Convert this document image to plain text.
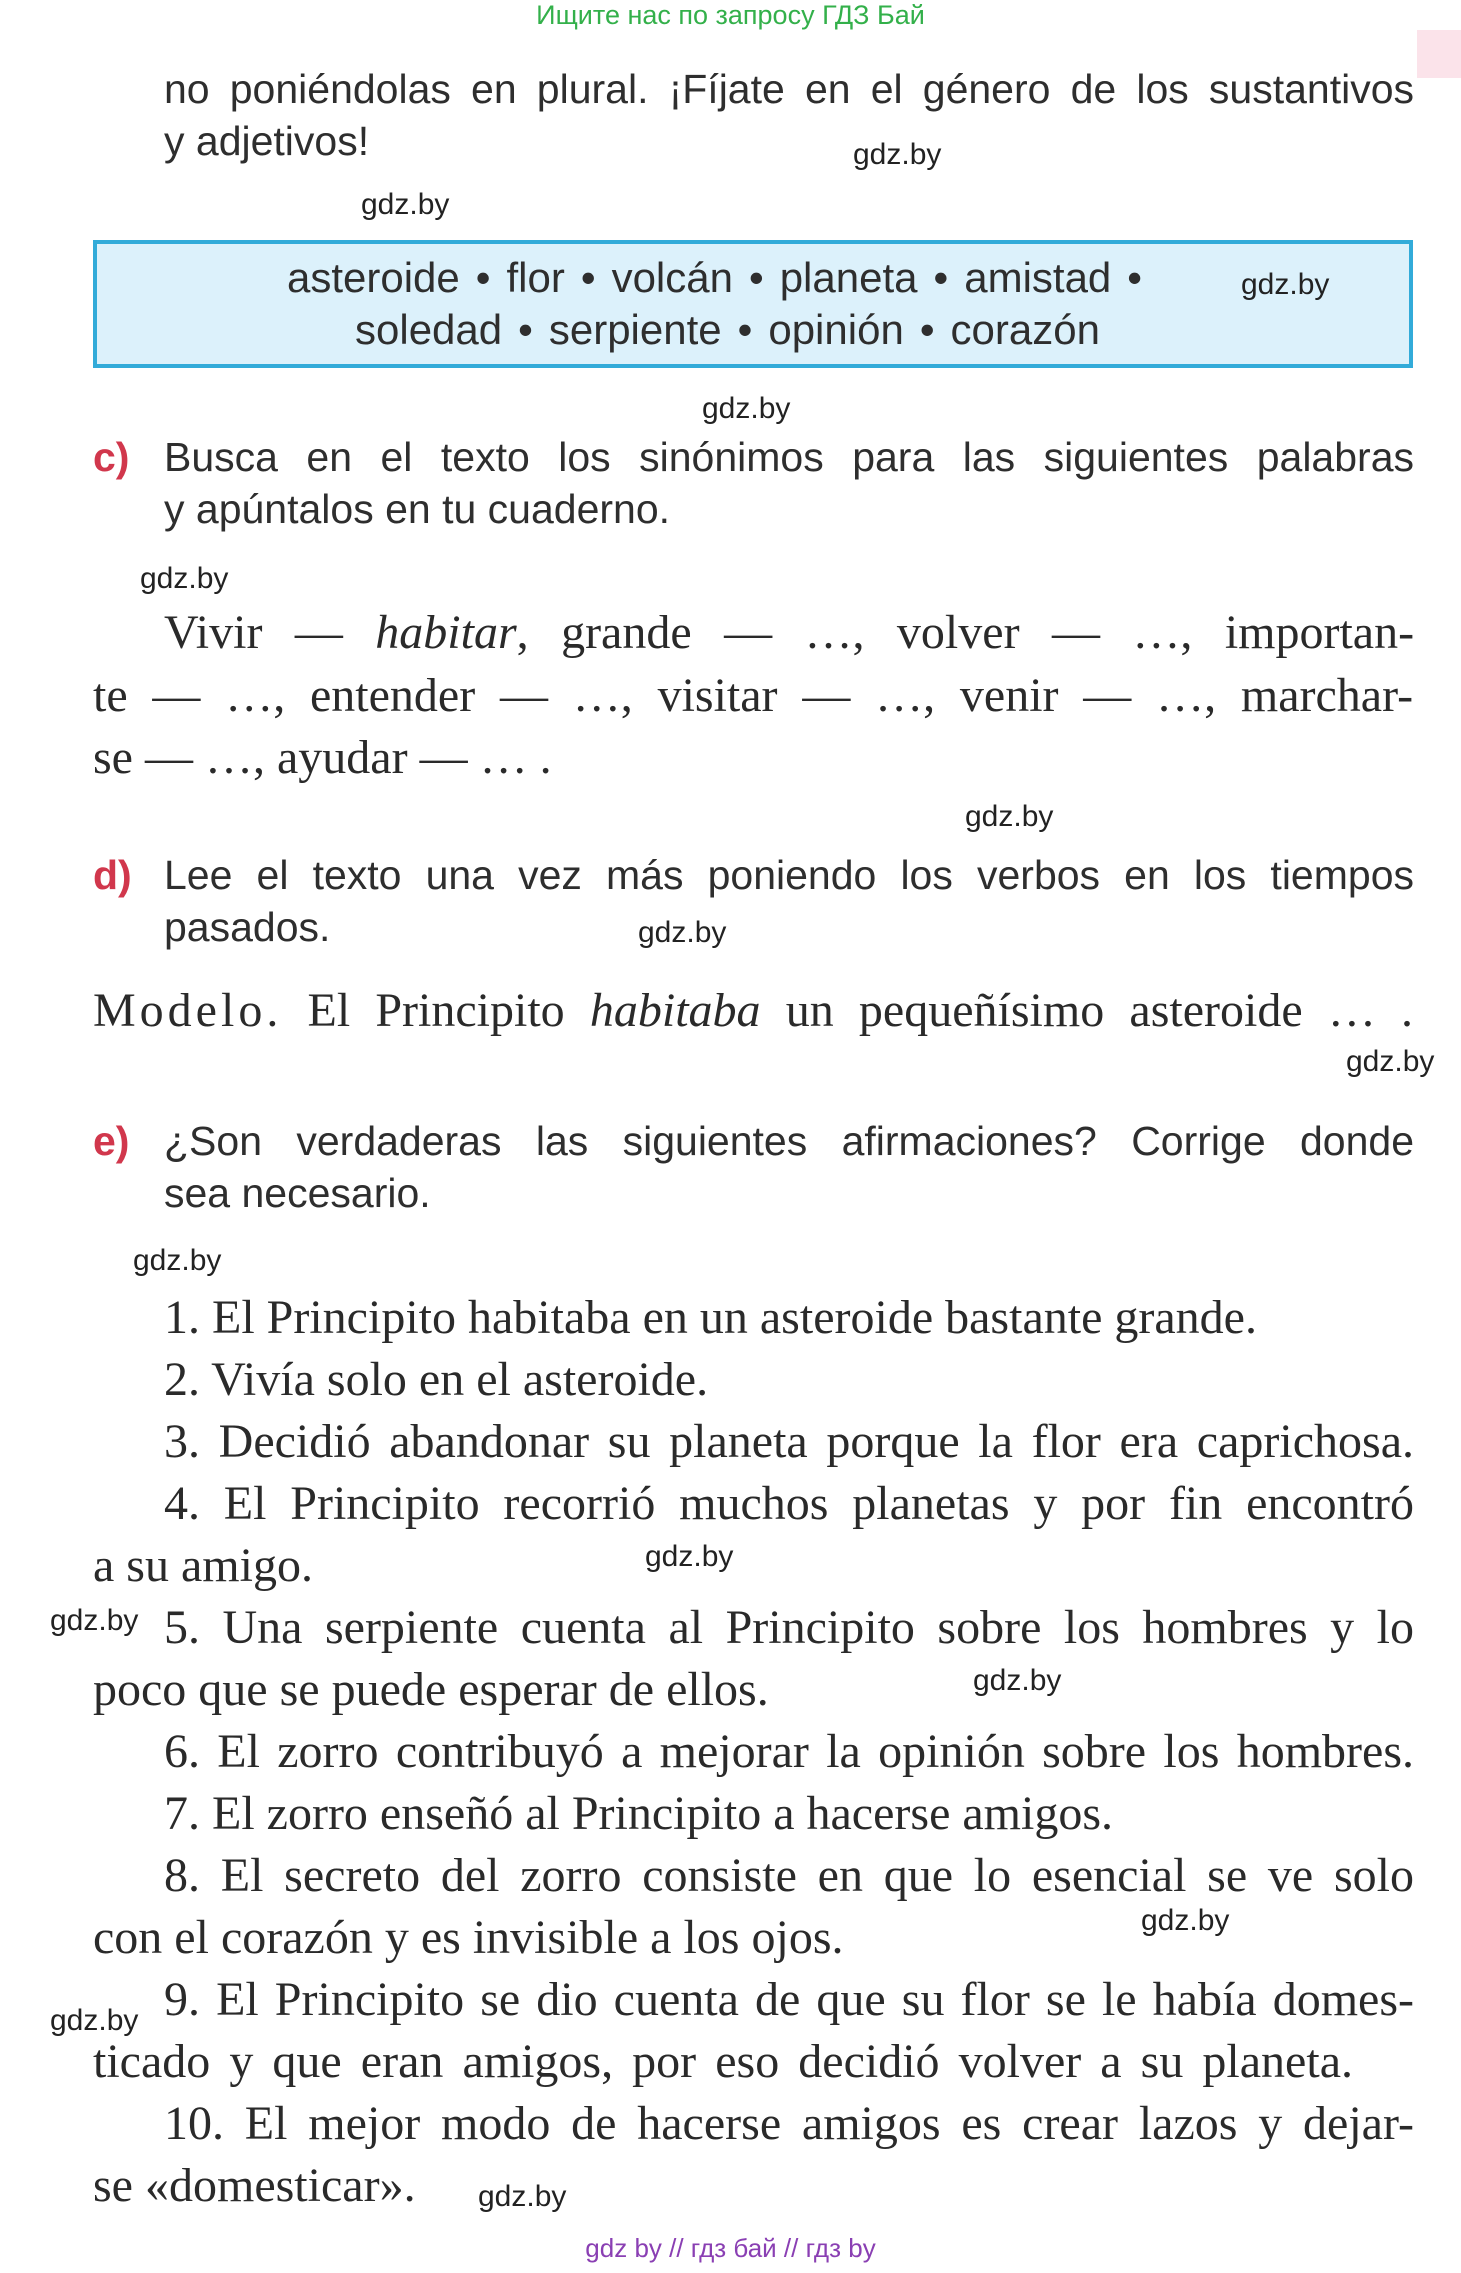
Ищите нас по запросу ГДЗ Бай
no poniéndolas en plural. ¡Fíjate en el género de los sustantivos
y adjetivos!	gdz.by
gdz.by
asteroide • flor • volcán • planeta • amistad •	gdz.by
soledad • serpiente • opinión • corazón
gdz.by
c) Busca en el texto los sinónimos para las siguientes palabras
y apúntalos en tu cuaderno.
gdz.by
Vivir — habitar, grande — …, volver — …, importan-
te — …, entender — …, visitar — …, venir — …, marchar-
se — …, ayudar — … .
gdz.by
d) Lee el texto una vez más poniendo los verbos en los tiempos
pasados.	gdz.by
Modelo. El Principito habitaba un pequeñísimo asteroide … .
gdz.by
e) ¿Son verdaderas las siguientes afirmaciones? Corrige donde
sea necesario.
gdz.by
1. El Principito habitaba en un asteroide bastante grande.
2. Vivía solo en el asteroide.
3. Decidió abandonar su planeta porque la flor era caprichosa.
4. El Principito recorrió muchos planetas y por fin encontró
a su amigo.	gdz.by
gdz.by 5. Una serpiente cuenta al Principito sobre los hombres y lo
poco que se puede esperar de ellos.	gdz.by
6. El zorro contribuyó a mejorar la opinión sobre los hombres.
7. El zorro enseñó al Principito a hacerse amigos.
8. El secreto del zorro consiste en que lo esencial se ve solo
con el corazón y es invisible a los ojos.	gdz.by
gdz.by 9. El Principito se dio cuenta de que su flor se le había domes-
ticado y que eran amigos, por eso decidió volver a su planeta.
10. El mejor modo de hacerse amigos es crear lazos y dejar-
se «domesticar». gdz.by
gdz by // гдз бай // гдз by
